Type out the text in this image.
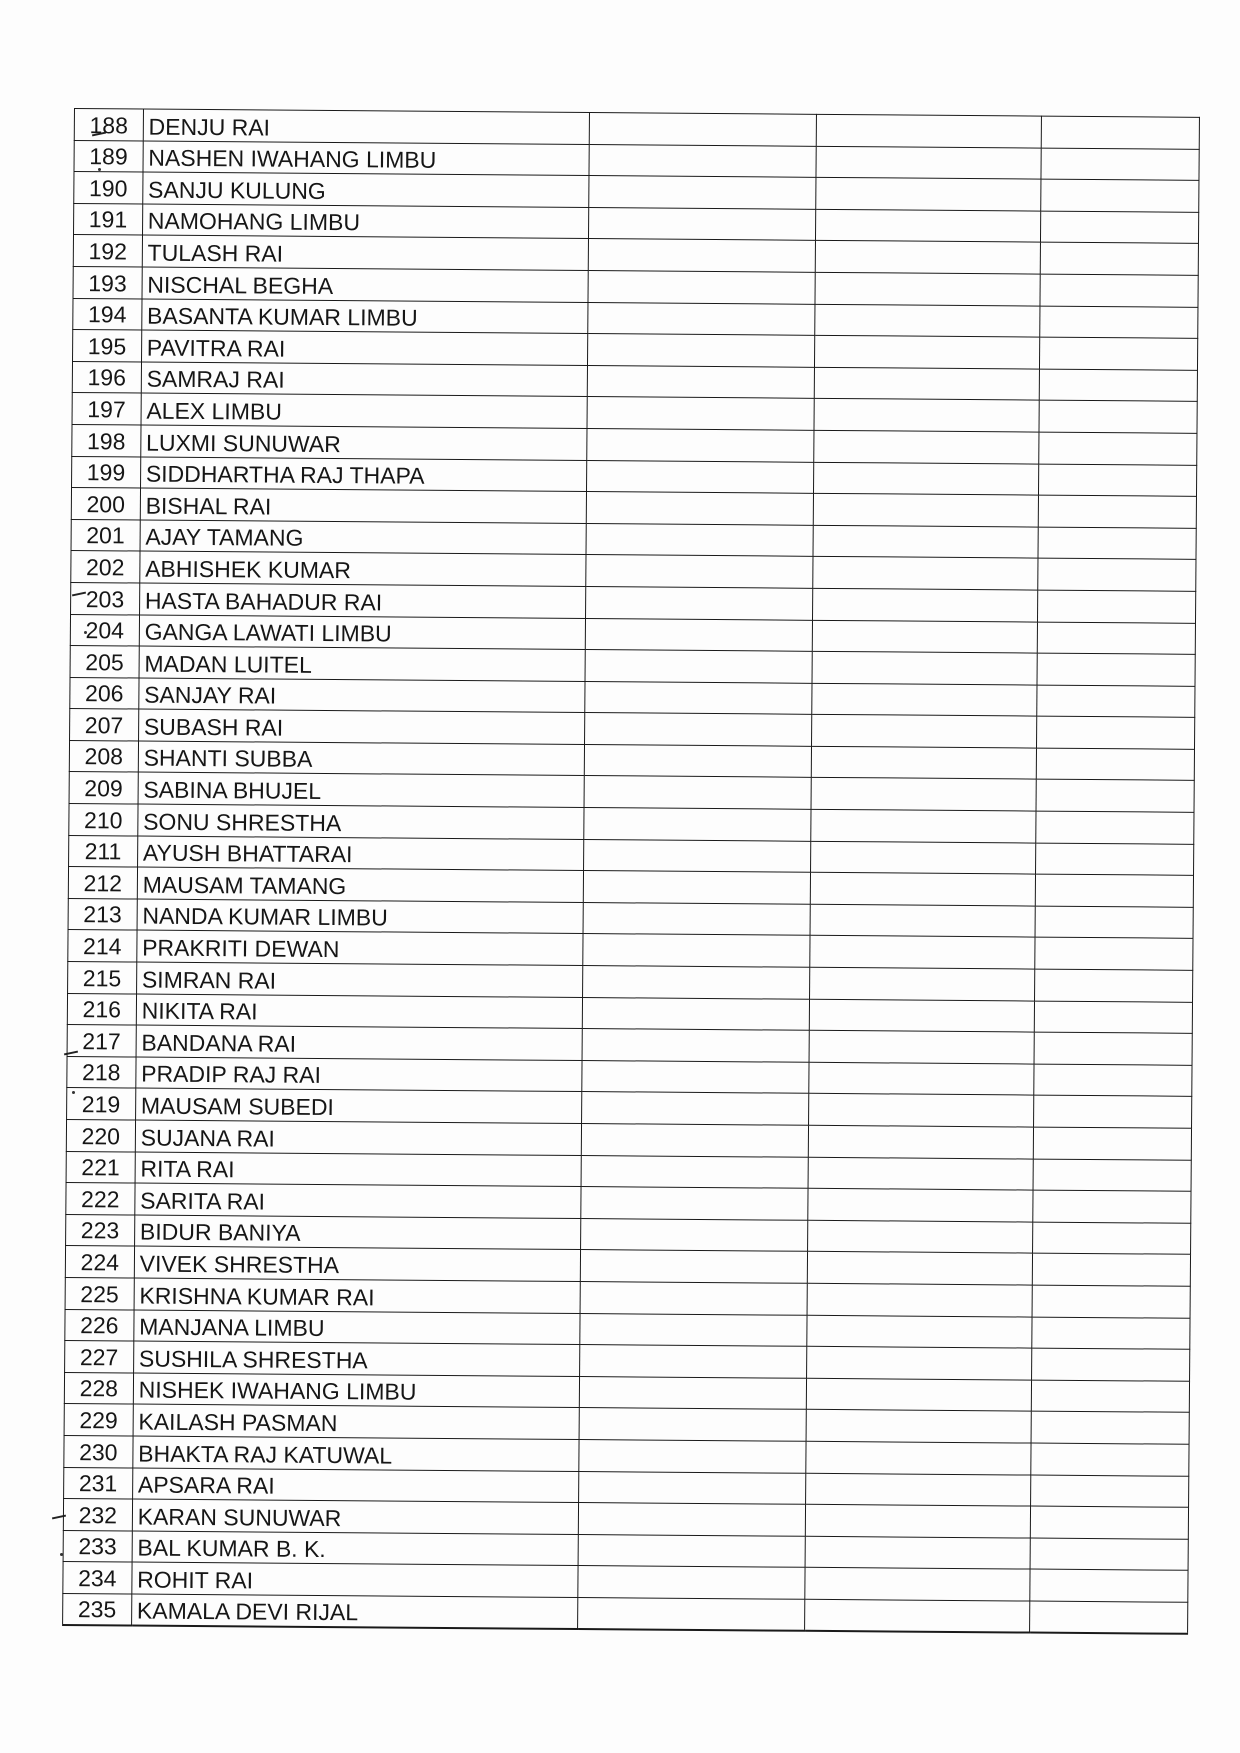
188	DENJU RAI			
189	NASHEN IWAHANG LIMBU			
190	SANJU KULUNG			
191	NAMOHANG LIMBU			
192	TULASH RAI			
193	NISCHAL BEGHA			
194	BASANTA KUMAR LIMBU			
195	PAVITRA RAI			
196	SAMRAJ RAI			
197	ALEX LIMBU			
198	LUXMI SUNUWAR			
199	SIDDHARTHA RAJ THAPA			
200	BISHAL RAI			
201	AJAY TAMANG			
202	ABHISHEK KUMAR			
203	HASTA BAHADUR RAI			
204	GANGA LAWATI LIMBU			
205	MADAN LUITEL			
206	SANJAY RAI			
207	SUBASH RAI			
208	SHANTI SUBBA			
209	SABINA BHUJEL			
210	SONU SHRESTHA			
211	AYUSH BHATTARAI			
212	MAUSAM TAMANG			
213	NANDA KUMAR LIMBU			
214	PRAKRITI DEWAN			
215	SIMRAN RAI			
216	NIKITA RAI			
217	BANDANA RAI			
218	PRADIP RAJ RAI			
219	MAUSAM SUBEDI			
220	SUJANA RAI			
221	RITA RAI			
222	SARITA RAI			
223	BIDUR BANIYA			
224	VIVEK SHRESTHA			
225	KRISHNA KUMAR RAI			
226	MANJANA LIMBU			
227	SUSHILA SHRESTHA			
228	NISHEK IWAHANG LIMBU			
229	KAILASH PASMAN			
230	BHAKTA RAJ KATUWAL			
231	APSARA RAI			
232	KARAN SUNUWAR			
233	BAL KUMAR B. K.			
234	ROHIT RAI			
235	KAMALA DEVI RIJAL			
